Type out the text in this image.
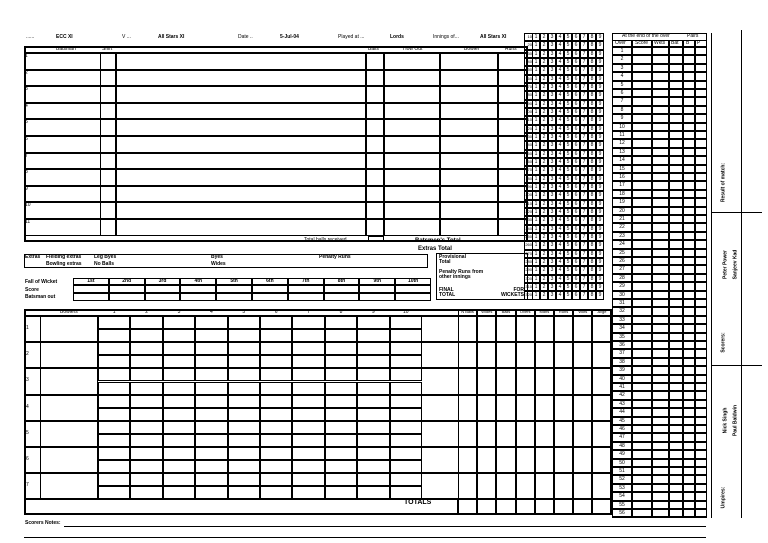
......	ECC XI	V ...	All Stars XI	Date ..	5-Jul-04	Played at ...	Lords	Innings of...	All Stars XI
Batsman	Shirt	Balls	How Out	Bowler	Runs
1
2
3
4
5
6
7
8
9
10
11
Total balls received	Batsmen's Total
Extras Total
Provisional Total
Penalty Runs from other innings
FINAL TOTAL
FOR WICKETS
Extras Fielding extras
Bowling extras
Leg Byes
No Balls
Byes
Wides
Penalty Runs
Fall of Wicket
Score
Batsman out
1st	2nd	3rd	4th	5th	6th	7th	8th	9th	10th
Bowlers	1	2	3	4	5	6	7	8	9	10	N Balls	Wides	Balls	Overs	Mdns	Runs	Wkts	Avge
1
2
3
4
5
6
7
TOTALS
1	2	3	4	5	6	7	8	9
10
1	2	3	4	5	6	7	8	9
20
1	2	3	4	5	6	7	8	9
30
1	2	3	4	5	6	7	8	9
40
1	2	3	4	5	6	7	8	9
50
1	2	3	4	5	6	7	8	9
60
1	2	3	4	5	6	7	8	9
70
1	2	3	4	5	6	7	8	9
80
1	2	3	4	5	6	7	8	9
90
1	2	3	4	5	6	7	8	9
100
1	2	3	4	5	6	7	8	9
110
1	2	3	4	5	6	7	8	9
120
1	2	3	4	5	6	7	8	9
130
1	2	3	4	5	6	7	8	9
140
1	2	3	4	5	6	7	8	9
150
1	2	3	4	5	6	7	8	9
160
1	2	3	4	5	6	7	8	9
170
1	2	3	4	5	6	7	8	9
180
1	2	3	4	5	6	7	8	9
190
1	2	3	4	5	6	7	8	9
200
1	2	3	4	5	6	7	8	9
210
1	2	3	4	5	6	7	8	9
220
1	2	3	4	5	6	7	8	9
230
1	2	3	4	5	6	7	8	9
240
1	2	3	4	5	6	7	8	9
250
1	2	3	4	5	6	7	8	9
260
1	2	3	4	5	6	7	8	9
270
1	2	3	4	5	6	7	8	9
280
1	2	3	4	5	6	7	8	9
290
1	2	3	4	5	6	7	8	9
300
1	2	3	4	5	6	7	8	9
310
1	2	3	4	5	6	7	8	9
320
At the end of the over	Pairs
Over Score Wkts Bat B P
1
2
3
4
5
6
7
8
9
10
11
12
13
14
15
16
17
18
19
20
21
22
23
24
25
26
27
28
29
30
31
32
33
34
35
36
37
38
39
40
41
42
43
44
45
46
47
48
49
50
51
52
53
54
55
56
Result of match:
Scorers:
Umpires:
Peter Power Sanjeev Kad
Nick Singh Paul Baldwin
Scorers Notes:
